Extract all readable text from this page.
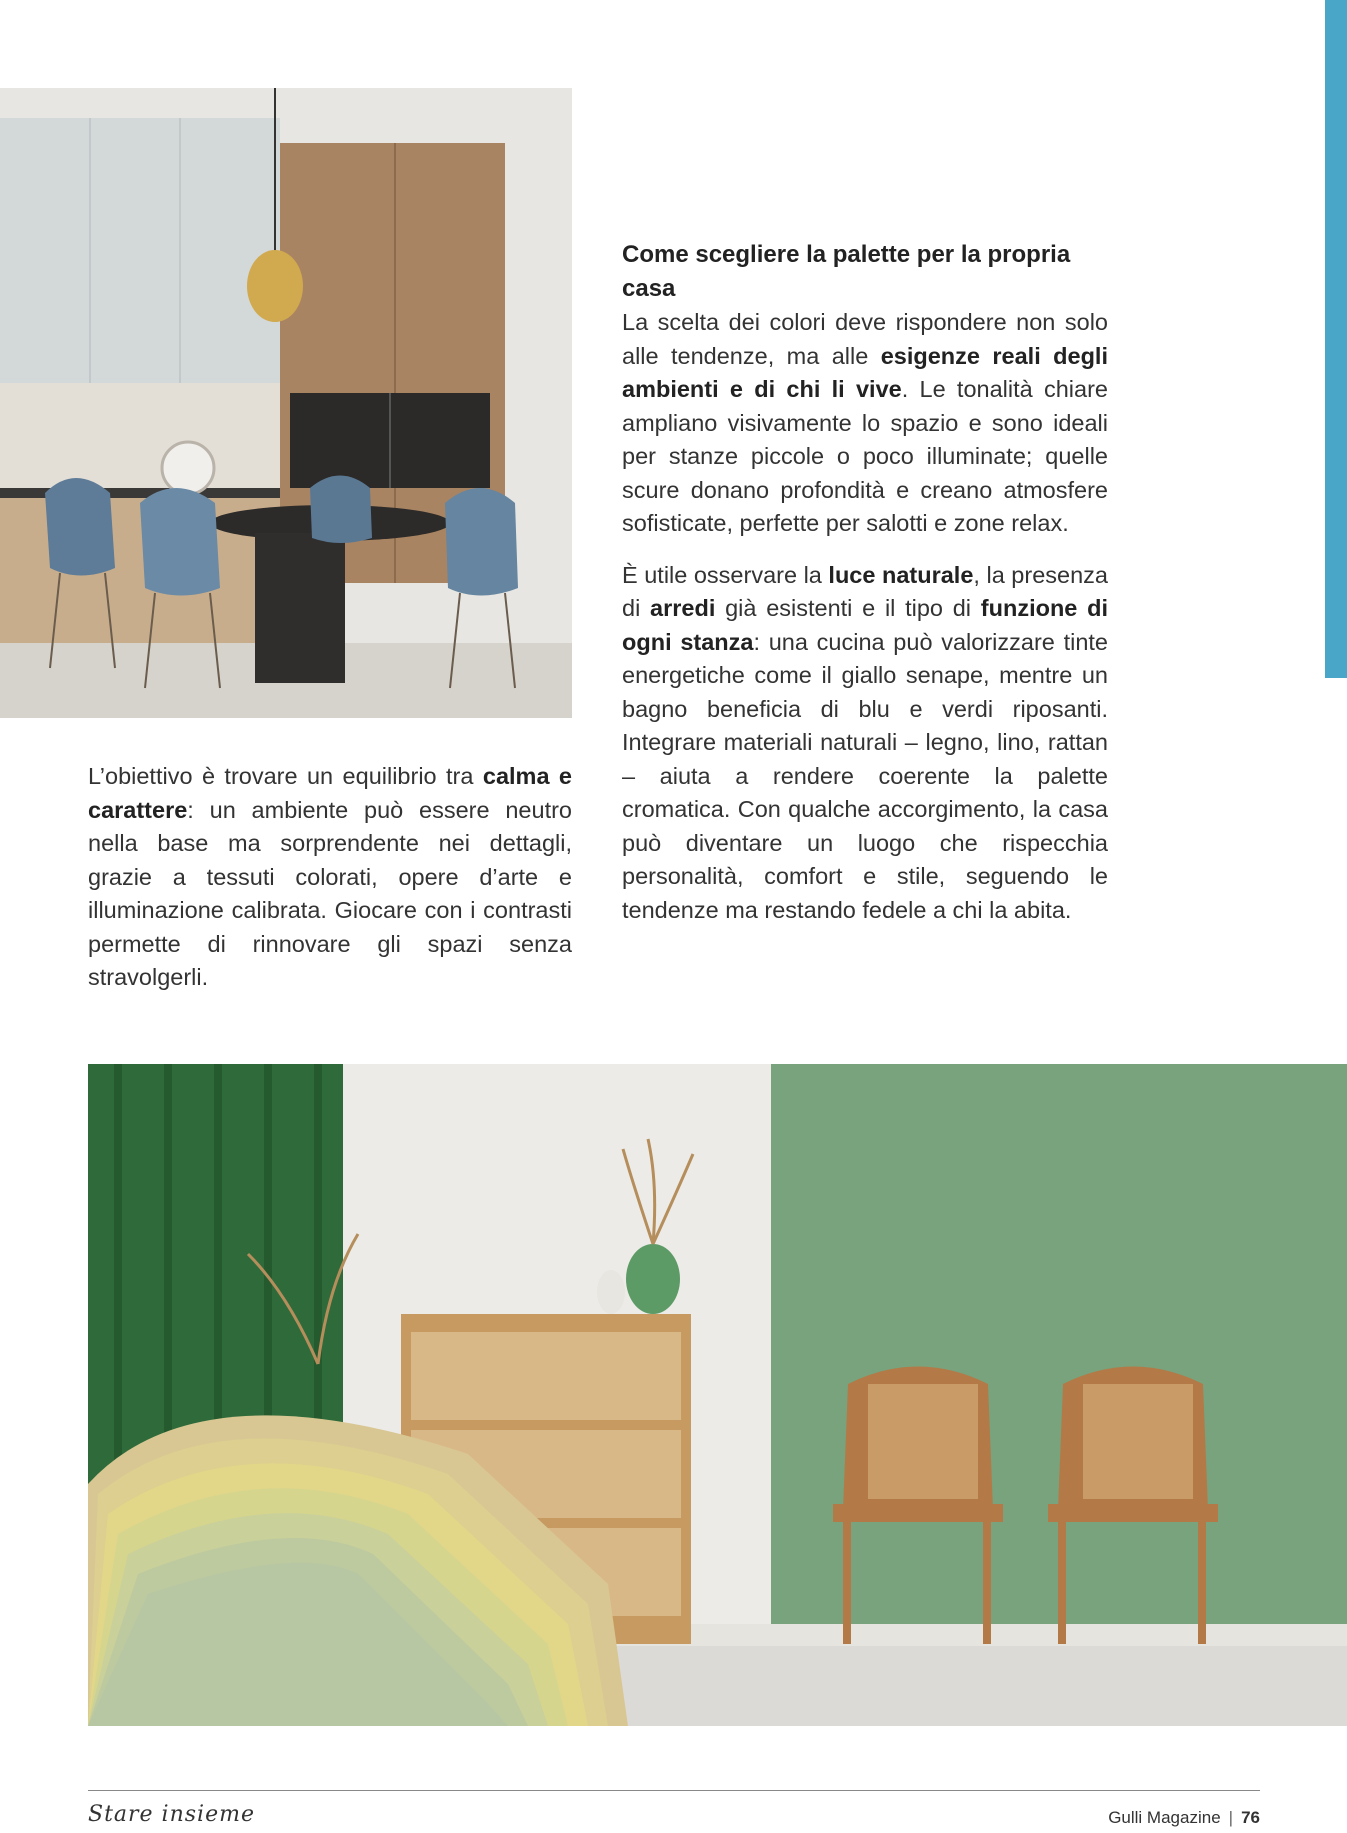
Come scegliere la palette per la propria casa

La scelta dei colori deve rispondere non solo alle tendenze, ma alle esigenze reali degli ambienti e di chi li vive. Le tonalità chiare ampliano visivamente lo spazio e sono ideali per stanze piccole o poco illuminate; quelle scure donano profondità e creano atmosfere sofisticate, perfette per salotti e zone relax.

È utile osservare la luce naturale, la presenza di arredi già esistenti e il tipo di funzione di ogni stanza: una cucina può valorizzare tinte energetiche come il giallo senape, mentre un bagno beneficia di blu e verdi riposanti. Integrare materiali naturali – legno, lino, rattan – aiuta a rendere coerente la palette cromatica. Con qualche accorgimento, la casa può diventare un luogo che rispecchia personalità, comfort e stile, seguendo le tendenze ma restando fedele a chi la abita.

L’obiettivo è trovare un equilibrio tra calma e carattere: un ambiente può essere neutro nella base ma sorprendente nei dettagli, grazie a tessuti colorati, opere d’arte e illuminazione calibrata. Giocare con i contrasti permette di rinnovare gli spazi senza stravolgerli.

Stare insieme	Gulli Magazine | 76
